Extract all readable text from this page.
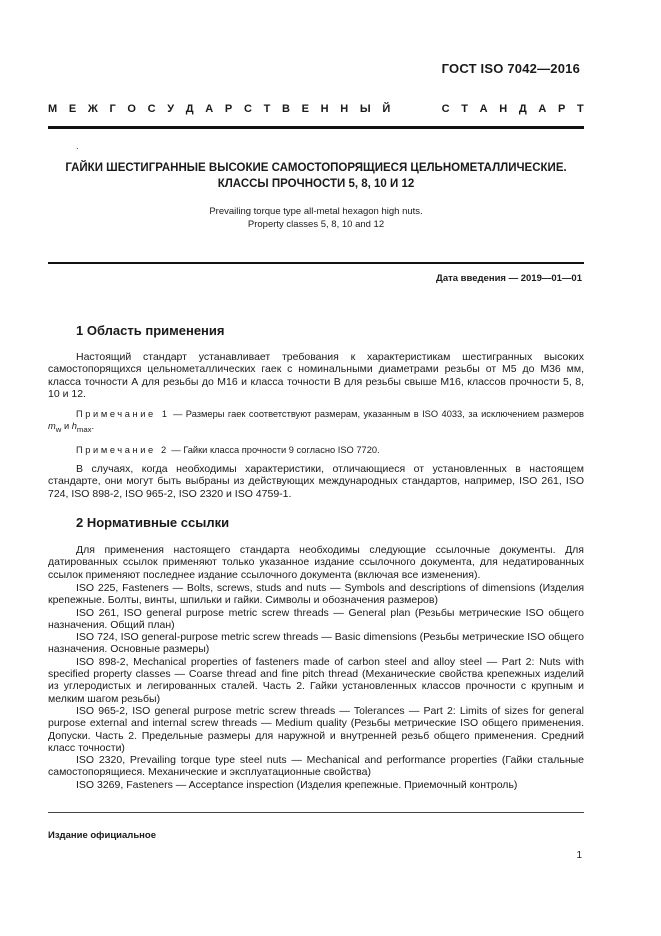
ГОСТ ISO 7042—2016
М Е Ж Г О С У Д А Р С Т В Е Н Н Ы Й	С Т А Н Д А Р Т
.
ГАЙКИ ШЕСТИГРАННЫЕ ВЫСОКИЕ САМОСТОПОРЯЩИЕСЯ ЦЕЛЬНОМЕТАЛЛИЧЕСКИЕ.
КЛАССЫ ПРОЧНОСТИ 5, 8, 10 И 12
Prevailing torque type all-metal hexagon high nuts.
Property classes 5, 8, 10 and 12
Дата введения — 2019—01—01
1 Область применения
Настоящий стандарт устанавливает требования к характеристикам шестигранных высоких самостопорящихся цельнометаллических гаек с номинальными диаметрами резьбы от M5 до M36 мм, класса точности А для резьбы до M16 и класса точности В для резьбы свыше M16, классов прочности 5, 8, 10 и 12.
Примечание 1 — Размеры гаек соответствуют размерам, указанным в ISO 4033, за исключением размеров $m_w$ и $h_{max}$.
Примечание 2 — Гайки класса прочности 9 согласно ISO 7720.
В случаях, когда необходимы характеристики, отличающиеся от установленных в настоящем стандарте, они могут быть выбраны из действующих международных стандартов, например, ISO 261, ISO 724, ISO 898-2, ISO 965-2, ISO 2320 и ISO 4759-1.
2 Нормативные ссылки
Для применения настоящего стандарта необходимы следующие ссылочные документы. Для датированных ссылок применяют только указанное издание ссылочного документа, для недатированных ссылок применяют последнее издание ссылочного документа (включая все изменения).

ISO 225, Fasteners — Bolts, screws, studs and nuts — Symbols and descriptions of dimensions (Изделия крепежные. Болты, винты, шпильки и гайки. Символы и обозначения размеров)

ISO 261, ISO general purpose metric screw threads — General plan (Резьбы метрические ISO общего назначения. Общий план)

ISO 724, ISO general-purpose metric screw threads — Basic dimensions (Резьбы метрические ISO общего назначения. Основные размеры)

ISO 898-2, Mechanical properties of fasteners made of carbon steel and alloy steel — Part 2: Nuts with specified property classes — Coarse thread and fine pitch thread (Механические свойства крепежных изделий из углеродистых и легированных сталей. Часть 2. Гайки установленных классов прочности с крупным и мелким шагом резьбы)

ISO 965-2, ISO general purpose metric screw threads — Tolerances — Part 2: Limits of sizes for general purpose external and internal screw threads — Medium quality (Резьбы метрические ISO общего применения. Допуски. Часть 2. Предельные размеры для наружной и внутренней резьб общего применения. Средний класс точности)

ISO 2320, Prevailing torque type steel nuts — Mechanical and performance properties (Гайки стальные самостопорящиеся. Механические и эксплуатационные свойства)

ISO 3269, Fasteners — Acceptance inspection (Изделия крепежные. Приемочный контроль)

Издание официальное
1
